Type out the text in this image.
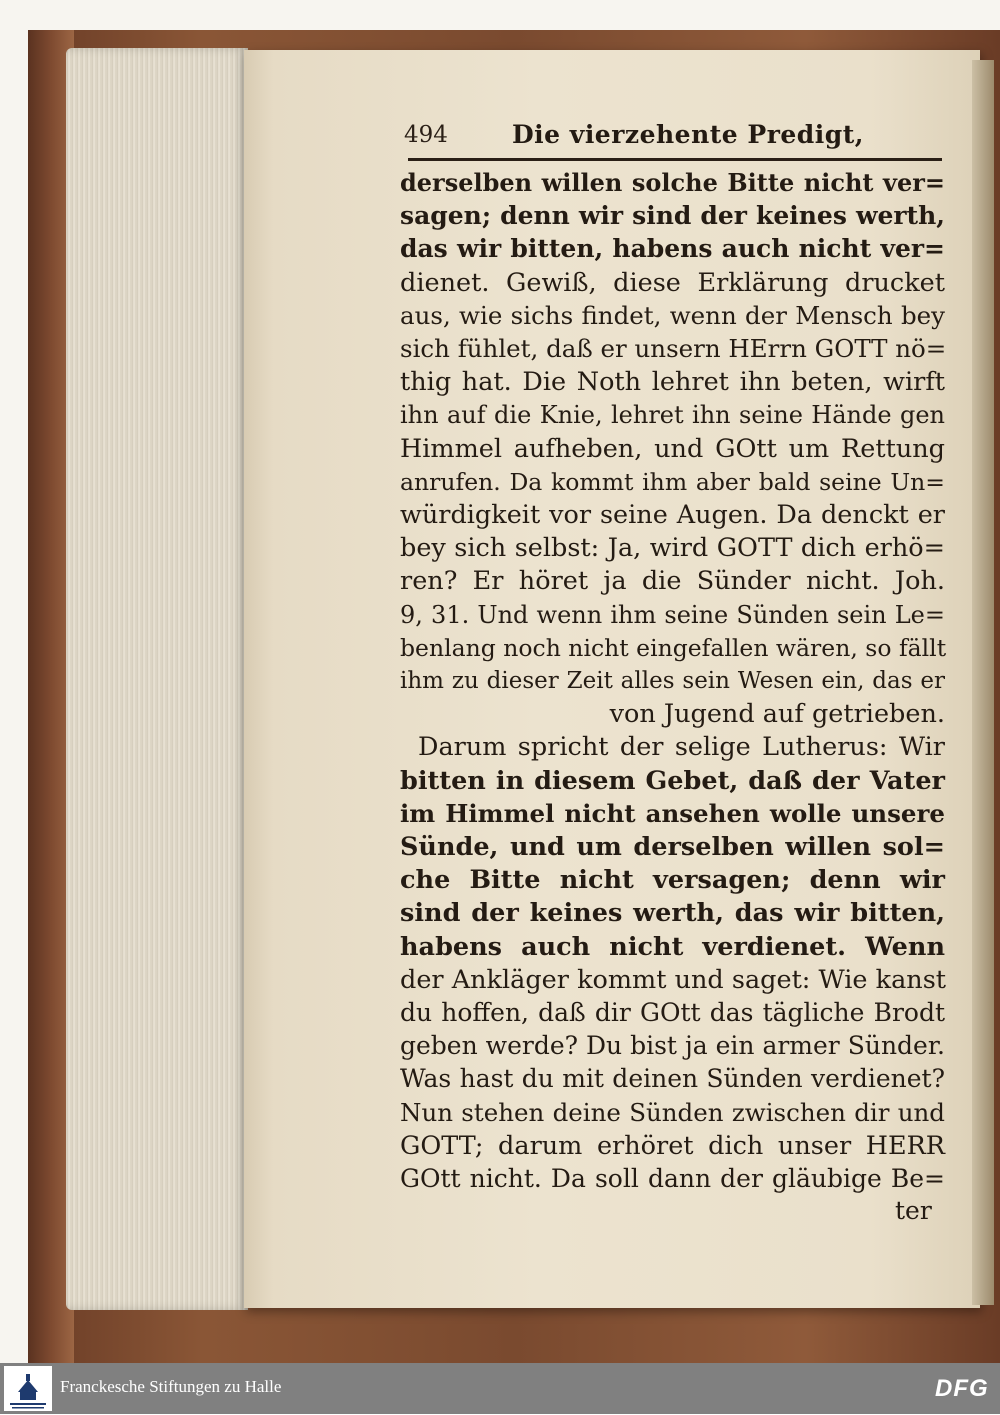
494	Die vierzehente Predigt,
derselben willen solche Bitte nicht ver=
sagen; denn wir sind der keines werth,
das wir bitten, habens auch nicht ver=
dienet. Gewiß, diese Erklärung drucket
aus, wie sichs findet, wenn der Mensch bey
sich fühlet, daß er unsern HErrn GOTT nö=
thig hat. Die Noth lehret ihn beten, wirft
ihn auf die Knie, lehret ihn seine Hände gen
Himmel aufheben, und GOtt um Rettung
anrufen. Da kommt ihm aber bald seine Un=
würdigkeit vor seine Augen. Da denckt er
bey sich selbst: Ja, wird GOTT dich erhö=
ren? Er höret ja die Sünder nicht. Joh.
9, 31. Und wenn ihm seine Sünden sein Le=
benlang noch nicht eingefallen wären, so fällt
ihm zu dieser Zeit alles sein Wesen ein, das er
von Jugend auf getrieben.
Darum spricht der selige Lutherus: Wir
bitten in diesem Gebet, daß der Vater
im Himmel nicht ansehen wolle unsere
Sünde, und um derselben willen sol=
che Bitte nicht versagen; denn wir
sind der keines werth, das wir bitten,
habens auch nicht verdienet. Wenn
der Ankläger kommt und saget: Wie kanst
du hoffen, daß dir GOtt das tägliche Brodt
geben werde? Du bist ja ein armer Sünder.
Was hast du mit deinen Sünden verdienet?
Nun stehen deine Sünden zwischen dir und
GOTT; darum erhöret dich unser HERR
GOtt nicht. Da soll dann der gläubige Be=
ter
Franckesche Stiftungen zu Halle	DFG
